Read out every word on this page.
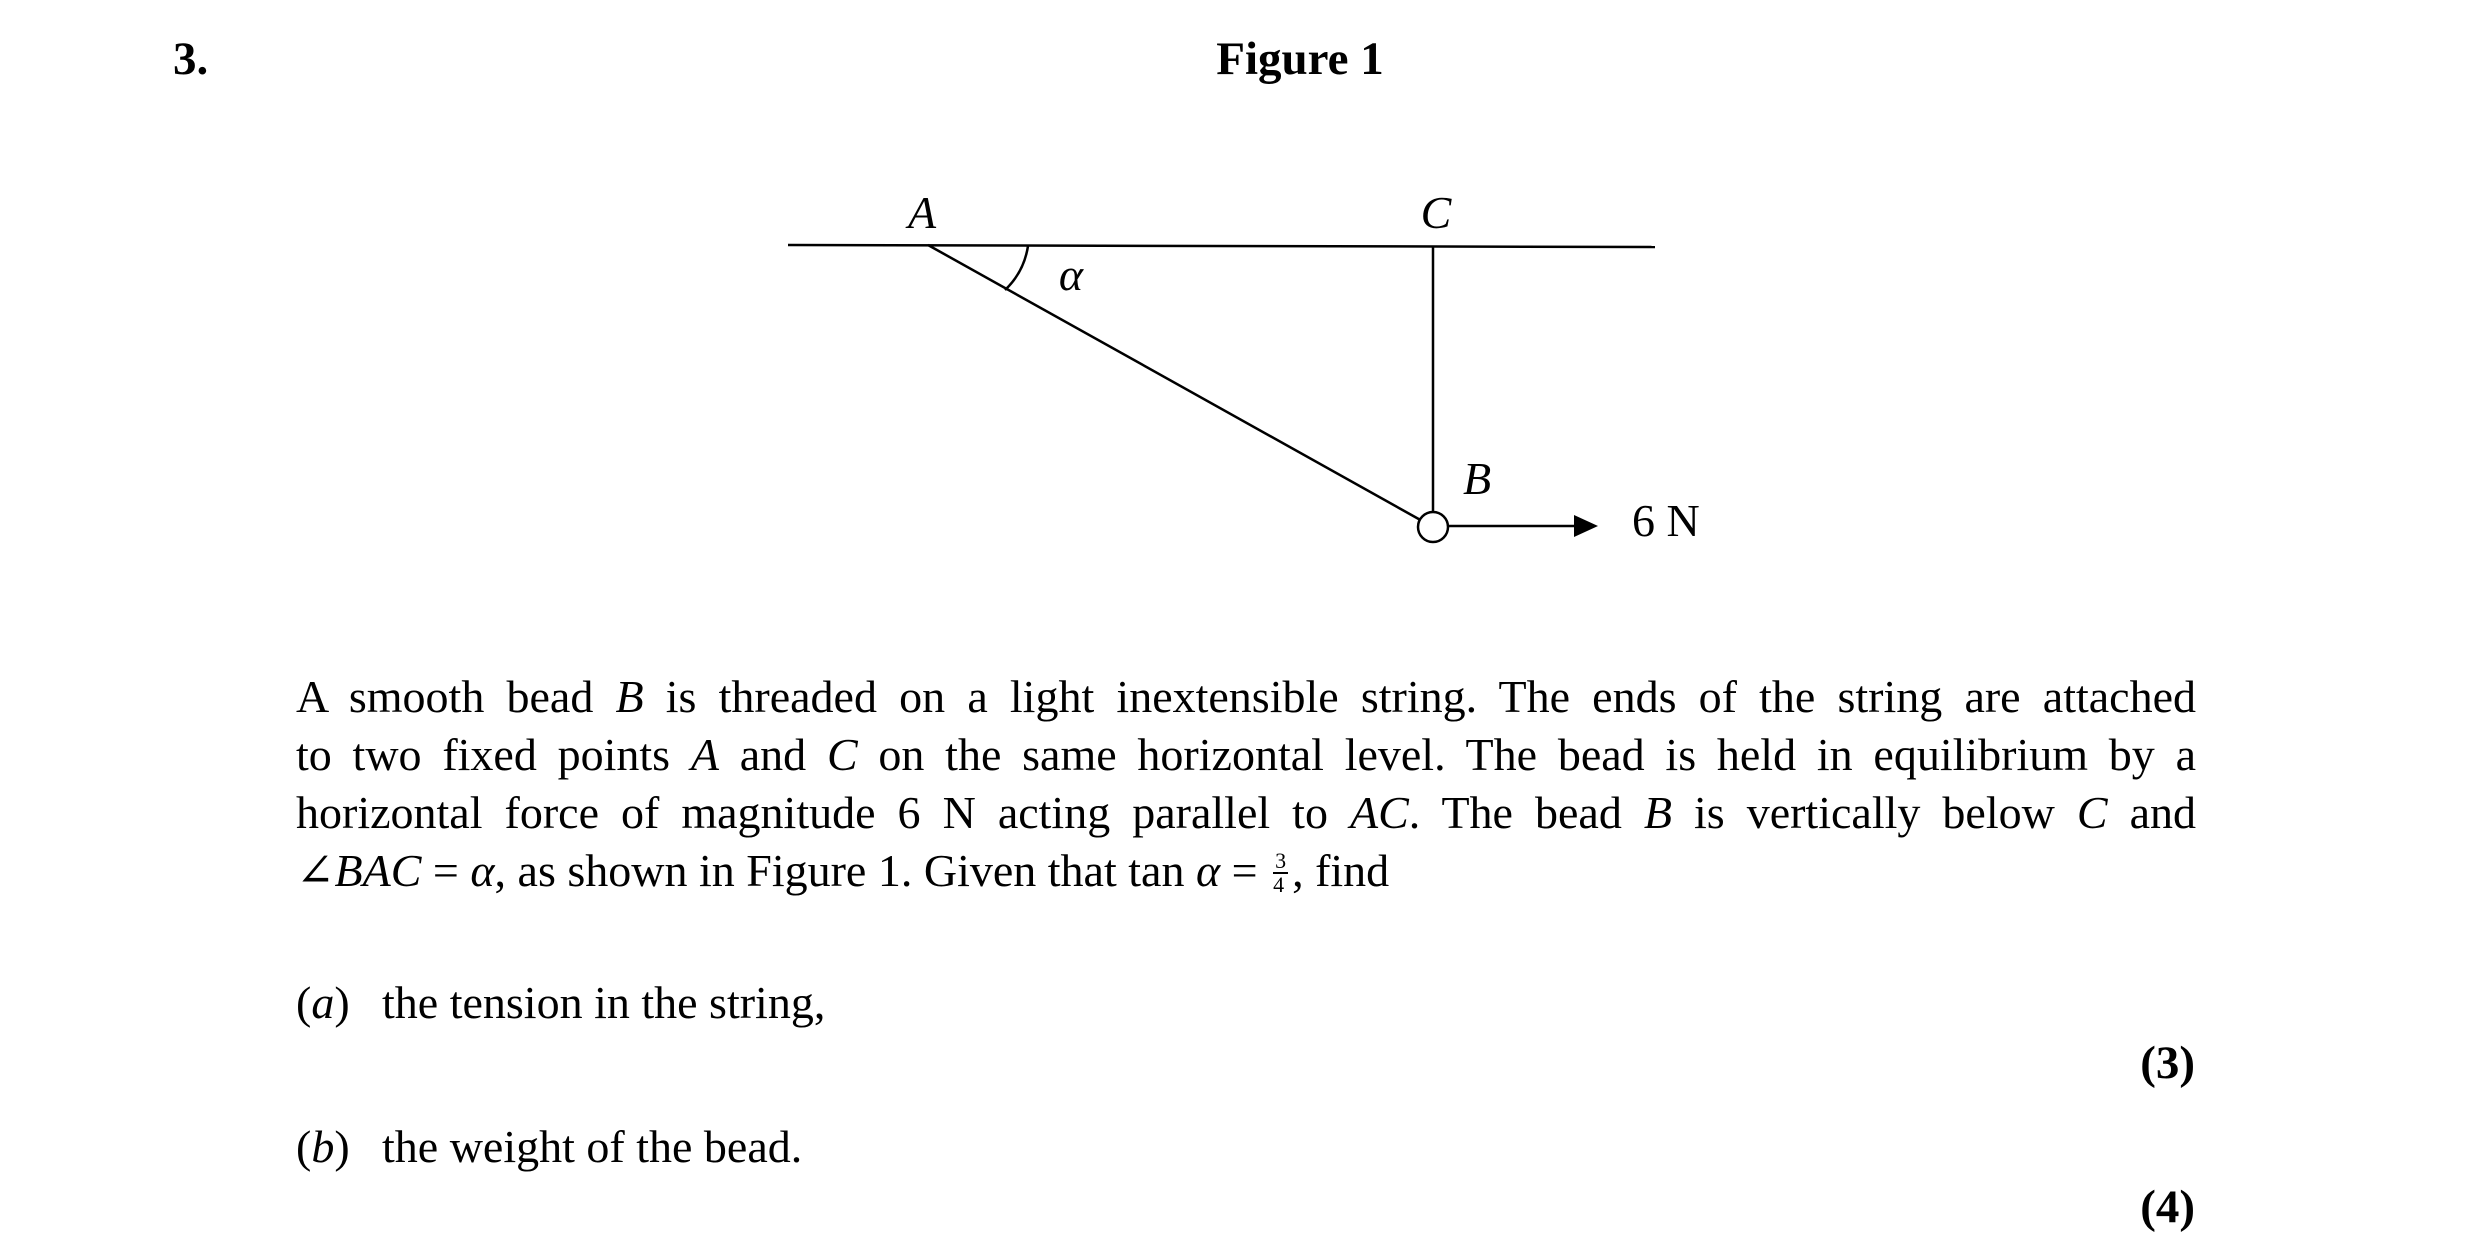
3.	Figure 1
A	C
α
B
6 N
A smooth bead B is threaded on a light inextensible string. The ends of the string are attached
to two fixed points A and C on the same horizontal level. The bead is held in equilibrium by a
horizontal force of magnitude 6 N acting parallel to AC. The bead B is vertically below C and
∠BAC = α, as shown in Figure 1. Given that $\tan \alpha = \frac{3}{4}$ , find
(a) the tension in the string,
(3)
(b) the weight of the bead.
(4)
